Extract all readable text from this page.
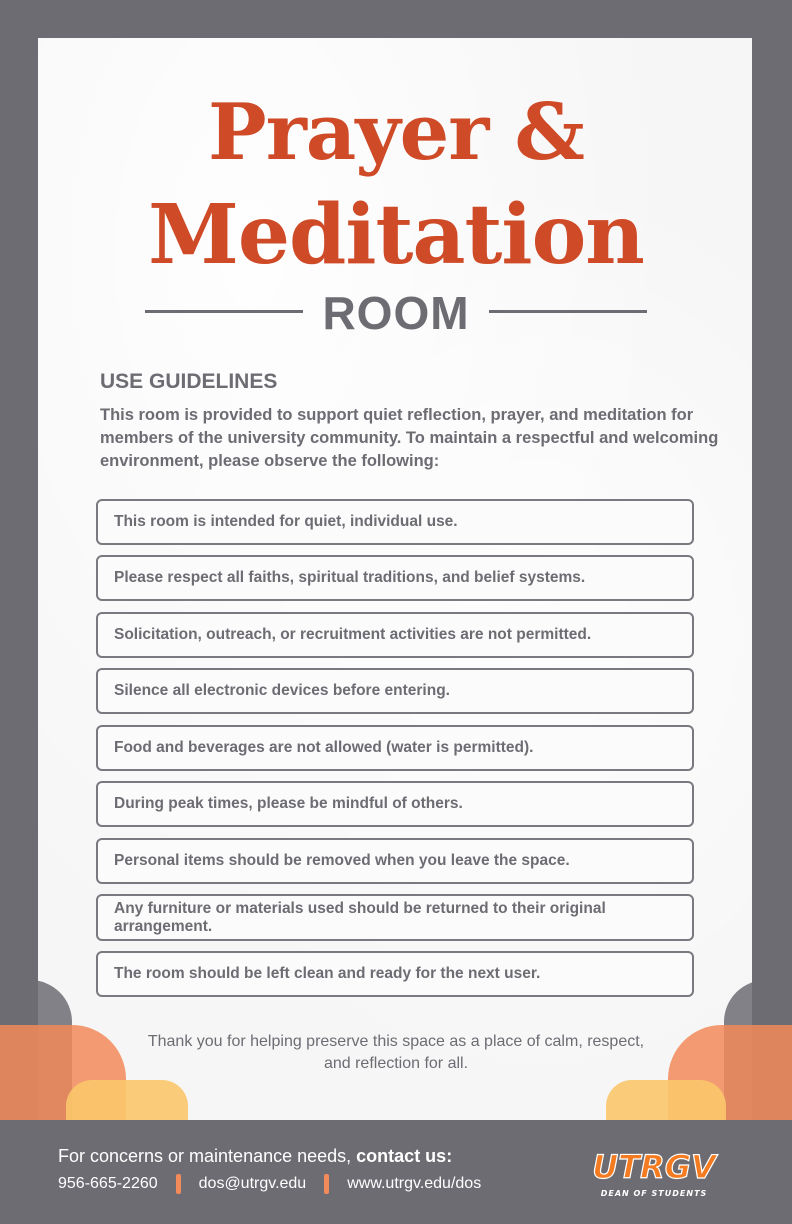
Prayer &
Meditation
ROOM
USE GUIDELINES
This room is provided to support quiet reflection, prayer, and meditation for members of the university community. To maintain a respectful and welcoming environment, please observe the following:
This room is intended for quiet, individual use.
Please respect all faiths, spiritual traditions, and belief systems.
Solicitation, outreach, or recruitment activities are not permitted.
Silence all electronic devices before entering.
Food and beverages are not allowed (water is permitted).
During peak times, please be mindful of others.
Personal items should be removed when you leave the space.
Any furniture or materials used should be returned to their original arrangement.
The room should be left clean and ready for the next user.
Thank you for helping preserve this space as a place of calm, respect, and reflection for all.
For concerns or maintenance needs, contact us:
956-665-2260	dos@utrgv.edu	www.utrgv.edu/dos	UTRGV
DEAN OF STUDENTS
